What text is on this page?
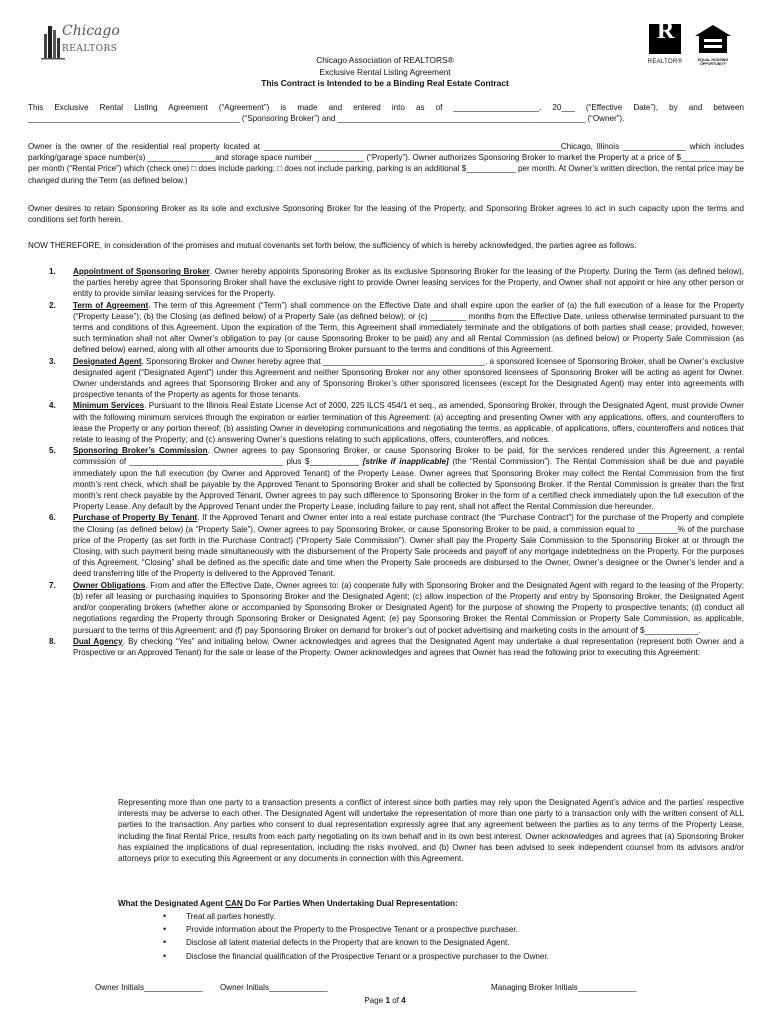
Chicago
REALTORS
R
REALTOR®	EQUAL HOUSING OPPORTUNITY
Chicago Association of REALTORS®
Exclusive Rental Listing Agreement
This Contract is Intended to be a Binding Real Estate Contract

This Exclusive Rental Listing Agreement (“Agreement”) is made and entered into as of ___________________, 20___ (“Effective Date”), by and between _______________________________________________ (“Sponsoring Broker”) and _______________________________________________________ (“Owner”).

Owner is the owner of the residential real property located at __________________________________________________________________Chicago, Illinois ______________ which includes parking/garage space number(s) _______________and storage space number ___________ (“Property”). Owner authorizes Sponsoring Broker to market the Property at a price of $______________ per month (“Rental Price”) which (check one) □ does include parking; □ does not include parking, parking is an additional $___________ per month. At Owner’s written direction, the rental price may be changed during the Term (as defined below.)

Owner desires to retain Sponsoring Broker as its sole and exclusive Sponsoring Broker for the leasing of the Property, and Sponsoring Broker agrees to act in such capacity upon the terms and conditions set forth herein.

NOW THEREFORE, in consideration of the promises and mutual covenants set forth below, the sufficiency of which is hereby acknowledged, the parties agree as follows:

1. Appointment of Sponsoring Broker. Owner hereby appoints Sponsoring Broker as its exclusive Sponsoring Broker for the leasing of the Property. During the Term (as defined below), the parties hereby agree that Sponsoring Broker shall have the exclusive right to provide Owner leasing services for the Property, and Owner shall not appoint or hire any other person or entity to provide similar leasing services for the Property.
2. Term of Agreement. The term of this Agreement (“Term”) shall commence on the Effective Date and shall expire upon the earlier of (a) the full execution of a lease for the Property (“Property Lease”); (b) the Closing (as defined below) of a Property Sale (as defined below); or (c) ________ months from the Effective Date, unless otherwise terminated pursuant to the terms and conditions of this Agreement. Upon the expiration of the Term, this Agreement shall immediately terminate and the obligations of both parties shall cease; provided, however, such termination shall not alter Owner’s obligation to pay (or cause Sponsoring Broker to be paid) any and all Rental Commission (as defined below) or Property Sale Commission (as defined below) earned, along with all other amounts due to Sponsoring Broker pursuant to the terms and conditions of this Agreement.
3. Designated Agent. Sponsoring Broker and Owner hereby agree that ____________________________________, a sponsored licensee of Sponsoring Broker, shall be Owner’s exclusive designated agent (“Designated Agent”) under this Agreement and neither Sponsoring Broker nor any other sponsored licensees of Sponsoring Broker will be acting as agent for Owner. Owner understands and agrees that Sponsoring Broker and any of Sponsoring Broker’s other sponsored licensees (except for the Designated Agent) may enter into agreements with prospective tenants of the Property as agents for those tenants.
4. Minimum Services. Pursuant to the Illinois Real Estate License Act of 2000, 225 ILCS 454/1 et seq., as amended, Sponsoring Broker, through the Designated Agent, must provide Owner with the following minimum services through the expiration or earlier termination of this Agreement: (a) accepting and presenting Owner with any applications, offers, and counteroffers to lease the Property or any portion thereof; (b) assisting Owner in developing communications and negotiating the terms, as applicable, of applications, offers, counteroffers and notices that relate to leasing of the Property; and (c) answering Owner’s questions relating to such applications, offers, counteroffers, and notices.
5. Sponsoring Broker’s Commission. Owner agrees to pay Sponsoring Broker, or cause Sponsoring Broker to be paid, for the services rendered under this Agreement, a rental commission of __________________________________ plus $___________ [strike if inapplicable] (the “Rental Commission”). The Rental Commission shall be due and payable immediately upon the full execution (by Owner and Approved Tenant) of the Property Lease. Owner agrees that Sponsoring Broker may collect the Rental Commission from the first month’s rent check, which shall be payable by the Approved Tenant to Sponsoring Broker and shall be collected by Sponsoring Broker. If the Rental Commission is greater than the first month’s rent check payable by the Approved Tenant, Owner agrees to pay such difference to Sponsoring Broker in the form of a certified check immediately upon the full execution of the Property Lease. Any default by the Approved Tenant under the Property Lease, including failure to pay rent, shall not affect the Rental Commission due hereunder.
6. Purchase of Property By Tenant. If the Approved Tenant and Owner enter into a real estate purchase contract (the “Purchase Contract”) for the purchase of the Property and complete the Closing (as defined below) (a “Property Sale”), Owner agrees to pay Sponsoring Broker, or cause Sponsoring Broker to be paid, a commission equal to _________% of the purchase price of the Property (as set forth in the Purchase Contract) (“Property Sale Commission”). Owner shall pay the Property Sale Commission to the Sponsoring Broker at or through the Closing, with such payment being made simultaneously with the disbursement of the Property Sale proceeds and payoff of any mortgage indebtedness on the Property. For the purposes of this Agreement, “Closing” shall be defined as the specific date and time when the Property Sale proceeds are disbursed to the Owner, Owner’s designee or the Owner’s lender and a deed transferring title of the Property is delivered to the Approved Tenant.
7. Owner Obligations. From and after the Effective Date, Owner agrees to: (a) cooperate fully with Sponsoring Broker and the Designated Agent with regard to the leasing of the Property; (b) refer all leasing or purchasing inquiries to Sponsoring Broker and the Designated Agent; (c) allow inspection of the Property and entry by Sponsoring Broker, the Designated Agent and/or cooperating brokers (whether alone or accompanied by Sponsoring Broker or Designated Agent) for the purpose of showing the Property to prospective tenants; (d) conduct all negotiations regarding the Property through Sponsoring Broker or Designated Agent; (e) pay Sponsoring Broker the Rental Commission or Property Sale Commission, as applicable, pursuant to the terms of this Agreement; and (f) pay Sponsoring Broker on demand for broker’s out of pocket advertising and marketing costs in the amount of $____________.
8. Dual Agency. By checking “Yes” and initialing below, Owner acknowledges and agrees that the Designated Agent may undertake a dual representation (represent both Owner and a Prospective or an Approved Tenant) for the sale or lease of the Property. Owner acknowledges and agrees that Owner has read the following prior to executing this Agreement:

Representing more than one party to a transaction presents a conflict of interest since both parties may rely upon the Designated Agent’s advice and the parties’ respective interests may be adverse to each other. The Designated Agent will undertake the representation of more than one party to a transaction only with the written consent of ALL parties to the transaction. Any parties who consent to dual representation expressly agree that any agreement between the parties as to any terms of the Property Lease, including the final Rental Price, results from each party negotiating on its own behalf and in its own best interest. Owner acknowledges and agrees that (a) Sponsoring Broker has explained the implications of dual representation, including the risks involved, and (b) Owner has been advised to seek independent counsel from its advisors and/or attorneys prior to executing this Agreement or any documents in connection with this Agreement.

What the Designated Agent CAN Do For Parties When Undertaking Dual Representation:
• Treat all parties honestly.
• Provide information about the Property to the Prospective Tenant or a prospective purchaser.
• Disclose all latent material defects in the Property that are known to the Designated Agent.
• Disclose the financial qualification of the Prospective Tenant or a prospective purchaser to the Owner.
Owner Initials_____________ Owner Initials_____________	Managing Broker Initials_____________
Page 1 of 4
